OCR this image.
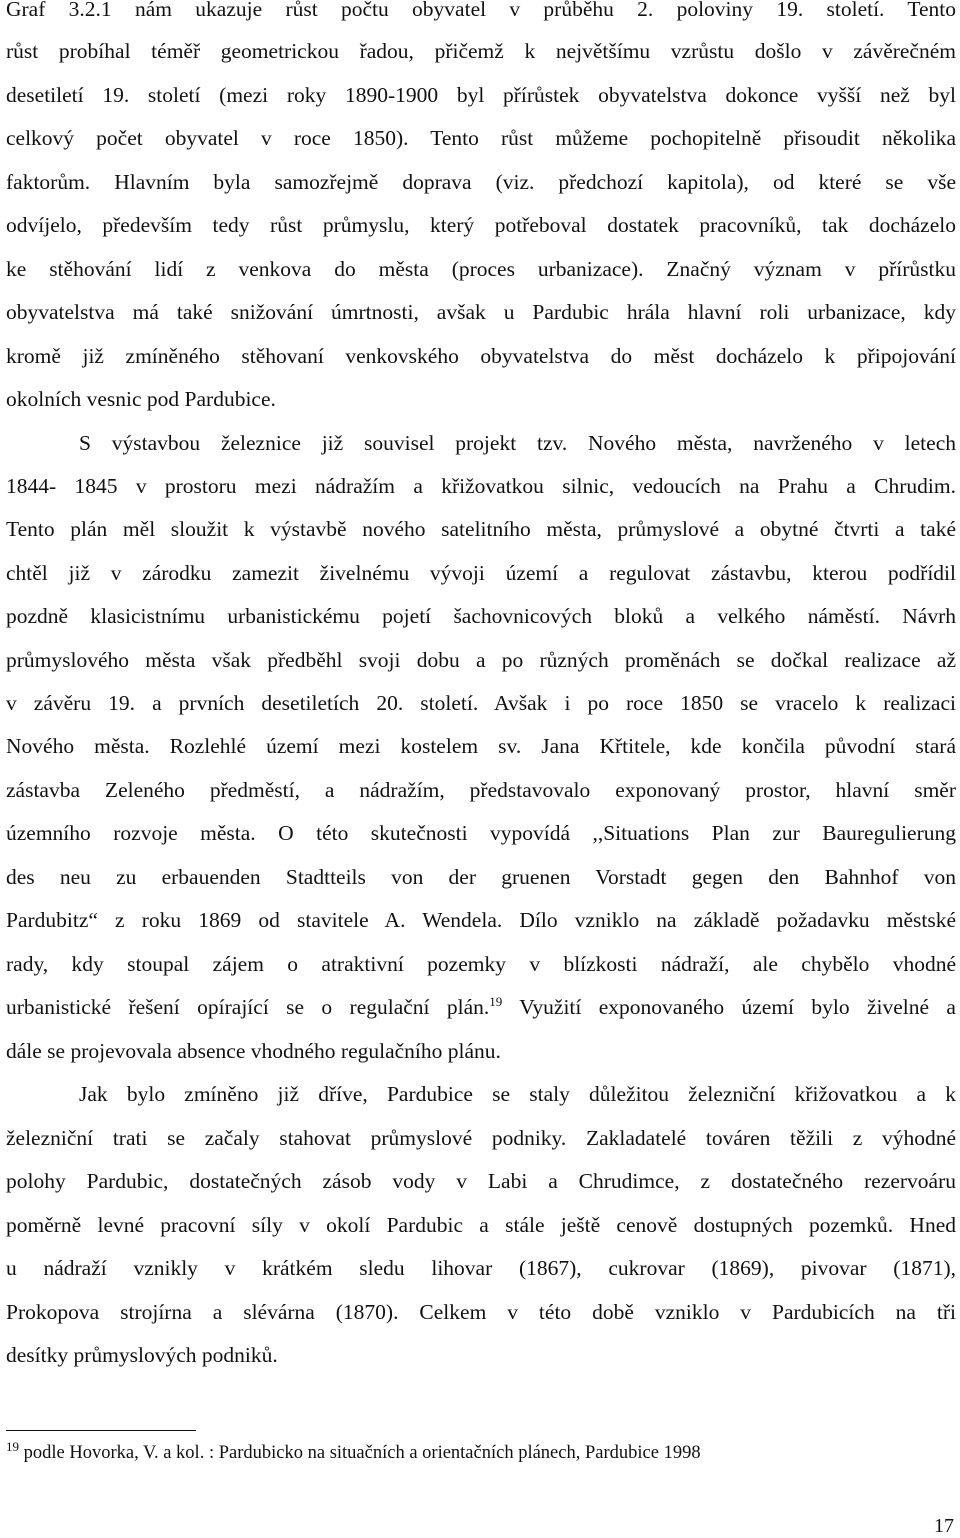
Graf 3.2.1 nám ukazuje růst počtu obyvatel v průběhu 2. poloviny 19. století. Tento
růst probíhal téměř geometrickou řadou, přičemž k největšímu vzrůstu došlo v závěrečném
desetiletí 19. století (mezi roky 1890-1900 byl přírůstek obyvatelstva dokonce vyšší než byl
celkový počet obyvatel v roce 1850). Tento růst můžeme pochopitelně přisoudit několika
faktorům. Hlavním byla samozřejmě doprava (viz. předchozí kapitola), od které se vše
odvíjelo, především tedy růst průmyslu, který potřeboval dostatek pracovníků, tak docházelo
ke stěhování lidí z venkova do města (proces urbanizace). Značný význam v přírůstku
obyvatelstva má také snižování úmrtnosti, avšak u Pardubic hrála hlavní roli urbanizace, kdy
kromě již zmíněného stěhovaní venkovského obyvatelstva do měst docházelo k připojování
okolních vesnic pod Pardubice.
S výstavbou železnice již souvisel projekt tzv. Nového města, navrženého v letech
1844- 1845 v prostoru mezi nádražím a křižovatkou silnic, vedoucích na Prahu a Chrudim.
Tento plán měl sloužit k výstavbě nového satelitního města, průmyslové a obytné čtvrti a také
chtěl již v zárodku zamezit živelnému vývoji území a regulovat zástavbu, kterou podřídil
pozdně klasicistnímu urbanistickému pojetí šachovnicových bloků a velkého náměstí. Návrh
průmyslového města však předběhl svoji dobu a po různých proměnách se dočkal realizace až
v závěru 19. a prvních desetiletích 20. století. Avšak i po roce 1850 se vracelo k realizaci
Nového města. Rozlehlé území mezi kostelem sv. Jana Křtitele, kde končila původní stará
zástavba Zeleného předměstí, a nádražím, představovalo exponovaný prostor, hlavní směr
územního rozvoje města. O této skutečnosti vypovídá ,,Situations Plan zur Bauregulierung
des neu zu erbauenden Stadtteils von der gruenen Vorstadt gegen den Bahnhof von
Pardubitz“ z roku 1869 od stavitele A. Wendela. Dílo vzniklo na základě požadavku městské
rady, kdy stoupal zájem o atraktivní pozemky v blízkosti nádraží, ale chybělo vhodné
urbanistické řešení opírající se o regulační plán.$^{19}$ Využití exponovaného území bylo živelné a
dále se projevovala absence vhodného regulačního plánu.
Jak bylo zmíněno již dříve, Pardubice se staly důležitou železniční křižovatkou a k
železniční trati se začaly stahovat průmyslové podniky. Zakladatelé továren těžili z výhodné
polohy Pardubic, dostatečných zásob vody v Labi a Chrudimce, z dostatečného rezervoáru
poměrně levné pracovní síly v okolí Pardubic a stále ještě cenově dostupných pozemků. Hned
u nádraží vznikly v krátkém sledu lihovar (1867), cukrovar (1869), pivovar (1871),
Prokopova strojírna a slévárna (1870). Celkem v této době vzniklo v Pardubicích na tři
desítky průmyslových podniků.
$^{19}$ podle Hovorka, V. a kol. : Pardubicko na situačních a orientačních plánech, Pardubice 1998
17
